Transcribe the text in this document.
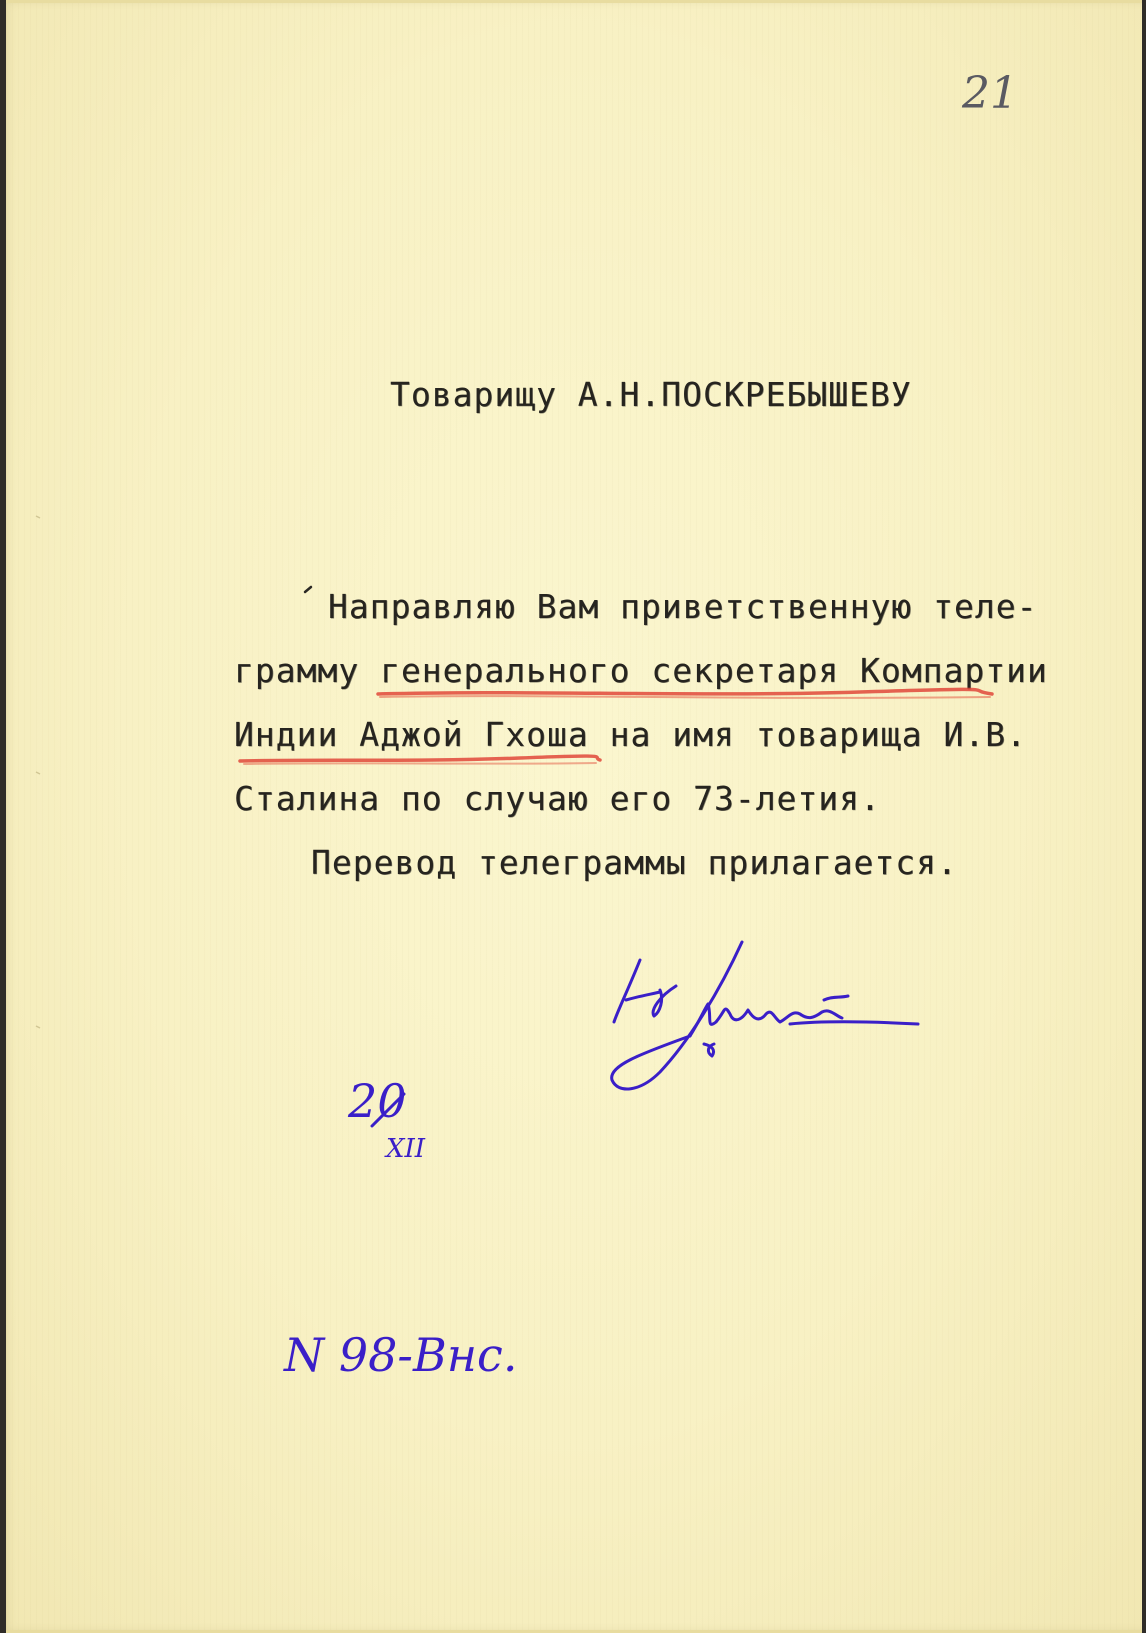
21
Товарищу А.Н.ПОСКРЕБЫШЕВУ
Направляю Вам приветственную теле-
грамму генерального секретаря Компартии
Индии Аджой Гхоша на имя товарища И.В.
Сталина по случаю его 73-летия.
Перевод телеграммы прилагается.
20
XII
N 98-Внс.
